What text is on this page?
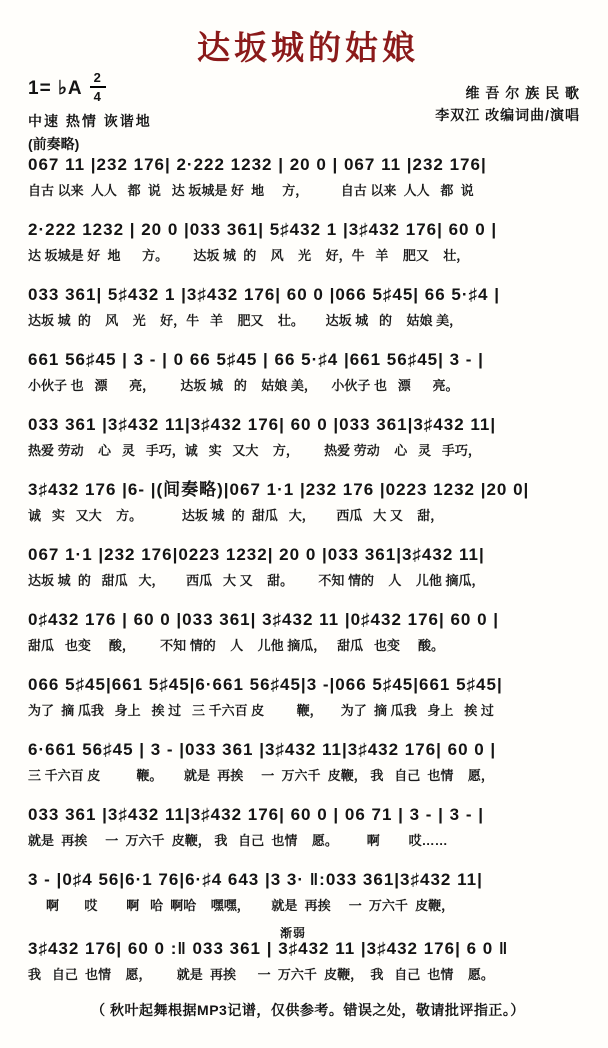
达坂城的姑娘
1= ♭A $\frac{2}{4}$
中速 热情 诙谐地
(前奏略)
维 吾 尔 族 民 歌
李双江 改编词曲/演唱
067 11 |232 176| 2·222 1232 | 20 0 | 067 11 |232 176|
自古 以来  人人   都  说   达 坂城是 好  地     方，         自古 以来  人人   都  说
2·222 1232 | 20 0 |033 361| 5♯432 1 |3♯432 176| 60 0 |
达 坂城是 好  地      方。       达坂 城  的    风    光    好，牛   羊    肥又    壮，
033 361| 5♯432 1 |3♯432 176| 60 0 |066 5♯45| 66 5·♯4 |
达坂 城  的    风    光    好，牛   羊    肥又    壮。      达坂 城   的    姑娘 美，
661 56♯45 | 3 - | 0 66 5♯45 | 66 5·♯4 |661 56♯45| 3 - |
小伙子 也   漂      亮，       达坂 城   的    姑娘 美，    小伙子 也   漂      亮。
033 361 |3♯432 11|3♯432 176| 60 0 |033 361|3♯432 11|
热爱 劳动    心   灵   手巧，诚   实   又大    方，       热爱 劳动    心   灵   手巧，
3♯432 176 |6- |(间奏略)|067 1·1 |232 176 |0223 1232 |20 0|
诚   实   又大    方。           达坂 城  的  甜瓜   大，      西瓜   大 又    甜，
067 1·1 |232 176|0223 1232| 20 0 |033 361|3♯432 11|
达坂 城  的   甜瓜   大，      西瓜   大 又    甜。       不知 情的    人    儿他 摘瓜，
0♯432 176 | 60 0 |033 361| 3♯432 11 |0♯432 176| 60 0 |
甜瓜   也变     酸，       不知 情的    人    儿他 摘瓜，   甜瓜   也变     酸。
066 5♯45|661 5♯45|6·661 56♯45|3 -|066 5♯45|661 5♯45|
为了  摘 瓜我   身上   挨 过   三 千六百 皮         鞭，     为了  摘 瓜我   身上   挨 过
6·661 56♯45 | 3 - |033 361 |3♯432 11|3♯432 176| 60 0 |
三 千六百 皮          鞭。      就是  再挨     一  万六千  皮鞭， 我   自己  也情    愿，
033 361 |3♯432 11|3♯432 176| 60 0 | 06 71 | 3 - | 3 - |
就是  再挨     一  万六千  皮鞭， 我   自己  也情    愿。        啊        哎……
3 - |0♯4 56|6·1 76|6·♯4 643 |3 3· ‖:033 361|3♯432 11|
啊       哎        啊   哈  啊哈    嘿嘿，      就是  再挨     一  万六千  皮鞭，
渐弱
3♯432 176| 60 0 :‖ 033 361 | 3♯432 11 |3♯432 176| 6 0 ‖
我   自己  也情    愿，       就是  再挨      一  万六千  皮鞭，  我   自己  也情    愿。
（ 秋叶起舞根据MP3记谱，仅供参考。错误之处，敬请批评指正。）
